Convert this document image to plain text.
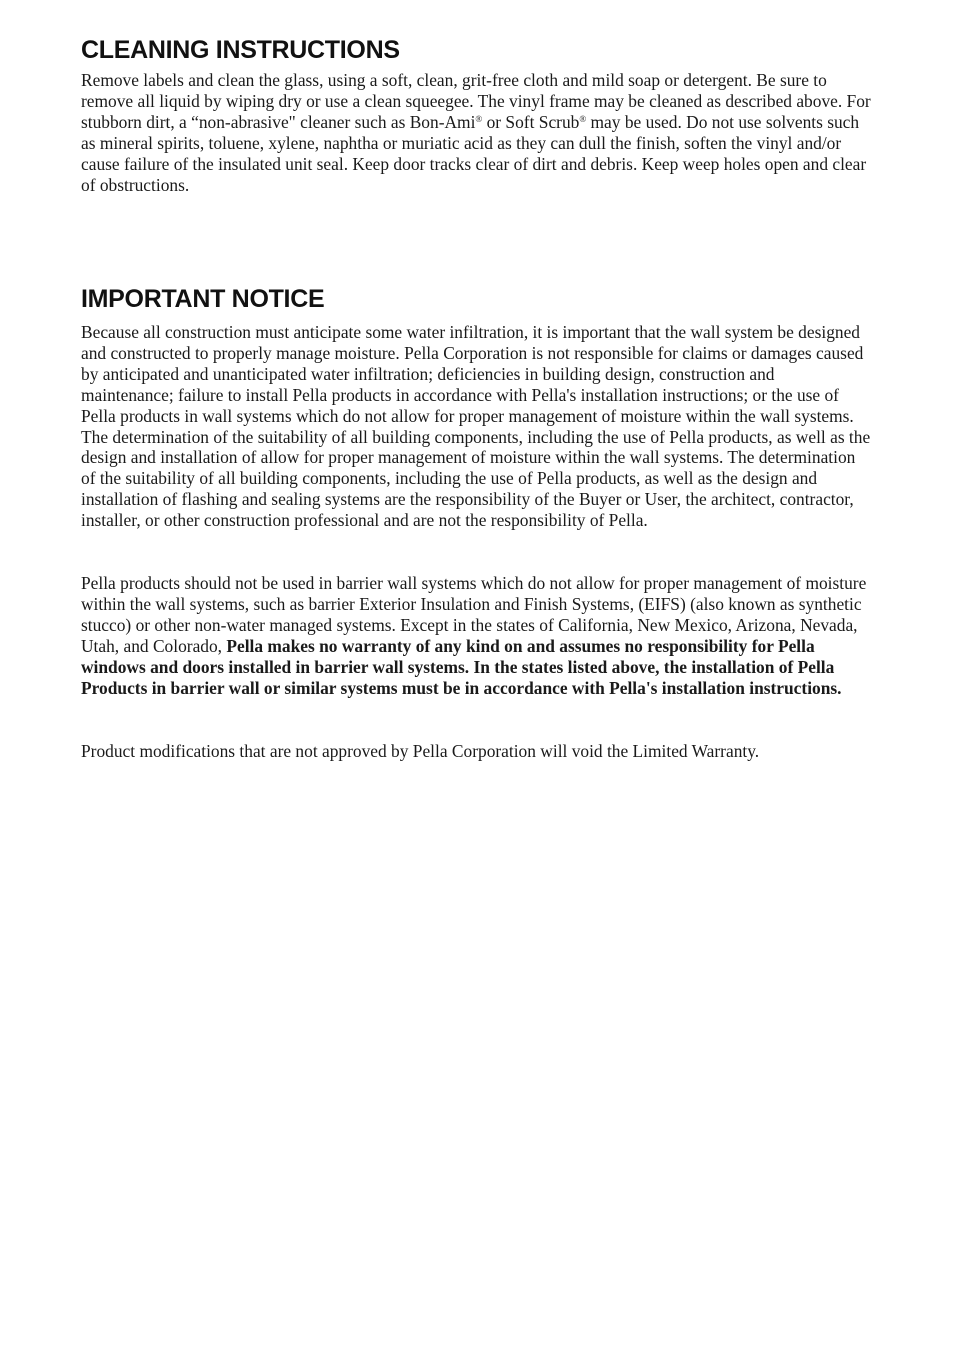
CLEANING INSTRUCTIONS

Remove labels and clean the glass, using a soft, clean, grit-free cloth and mild soap or detergent. Be sure to remove all liquid by wiping dry or use a clean squeegee. The vinyl frame may be cleaned as described above. For stubborn dirt, a “non-abrasive" cleaner such as Bon-Ami® or Soft Scrub® may be used. Do not use solvents such as mineral spirits, toluene, xylene, naphtha or muriatic acid as they can dull the finish, soften the vinyl and/or cause failure of the insulated unit seal. Keep door tracks clear of dirt and debris. Keep weep holes open and clear of obstructions.

IMPORTANT NOTICE

Because all construction must anticipate some water infiltration, it is important that the wall system be designed and constructed to properly manage moisture. Pella Corporation is not responsible for claims or damages caused by anticipated and unanticipated water infiltration; deficiencies in building design, construction and maintenance; failure to install Pella products in accordance with Pella's installation instructions; or the use of Pella products in wall systems which do not allow for proper management of moisture within the wall systems. The determination of the suitability of all building components, including the use of Pella products, as well as the design and installation of allow for proper management of moisture within the wall systems. The determination of the suitability of all building components, including the use of Pella products, as well as the design and installation of flashing and sealing systems are the responsibility of the Buyer or User, the architect, contractor, installer, or other construction professional and are not the responsibility of Pella.

Pella products should not be used in barrier wall systems which do not allow for proper management of moisture within the wall systems, such as barrier Exterior Insulation and Finish Systems, (EIFS) (also known as synthetic stucco) or other non-water managed systems. Except in the states of California, New Mexico, Arizona, Nevada, Utah, and Colorado, Pella makes no warranty of any kind on and assumes no responsibility for Pella windows and doors installed in barrier wall systems. In the states listed above, the installation of Pella Products in barrier wall or similar systems must be in accordance with Pella's installation instructions.

Product modifications that are not approved by Pella Corporation will void the Limited Warranty.
